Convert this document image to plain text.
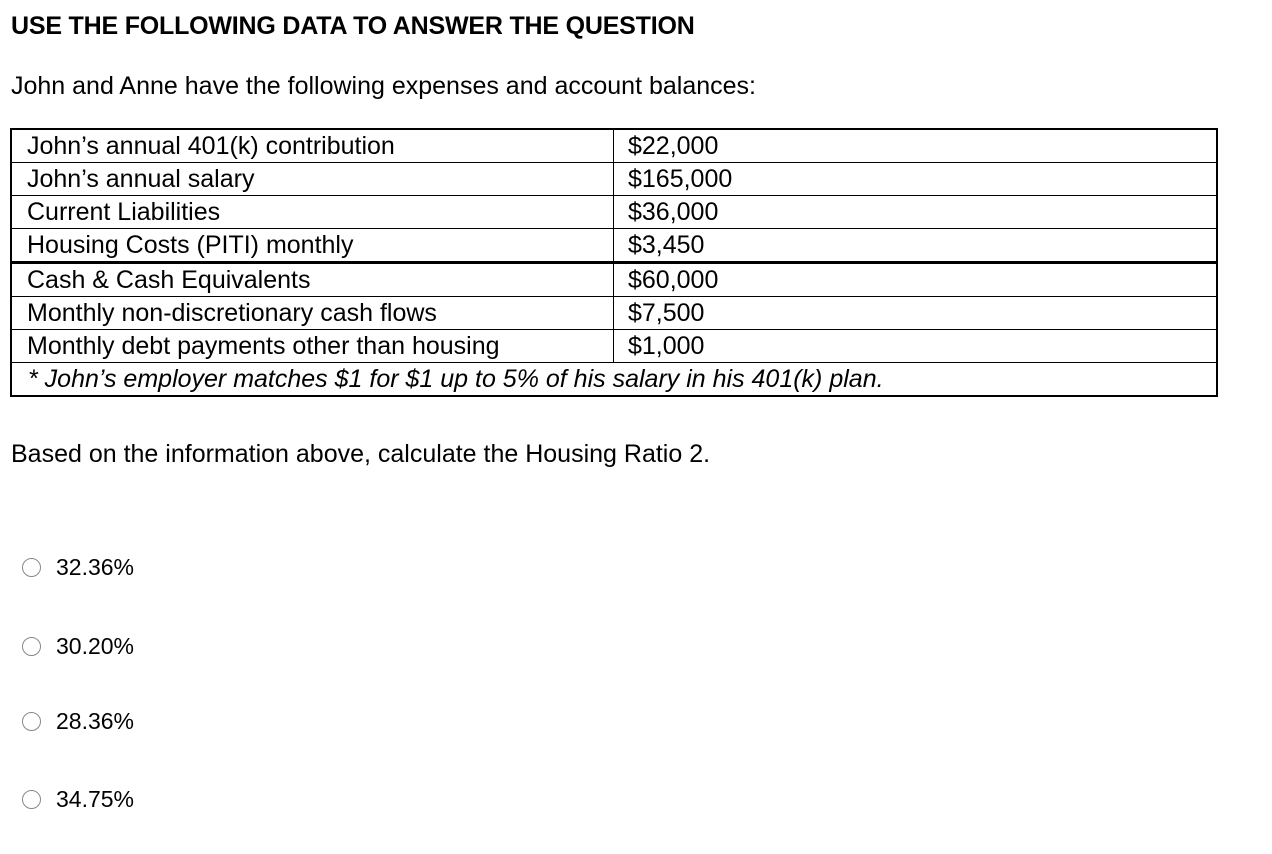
USE THE FOLLOWING DATA TO ANSWER THE QUESTION
John and Anne have the following expenses and account balances:
John’s annual 401(k) contribution	$22,000
John’s annual salary	$165,000
Current Liabilities	$36,000
Housing Costs (PITI) monthly	$3,450
Cash & Cash Equivalents	$60,000
Monthly non-discretionary cash flows	$7,500
Monthly debt payments other than housing	$1,000
* John’s employer matches $1 for $1 up to 5% of his salary in his 401(k) plan.	
Based on the information above, calculate the Housing Ratio 2.
32.36%
30.20%
28.36%
34.75%
